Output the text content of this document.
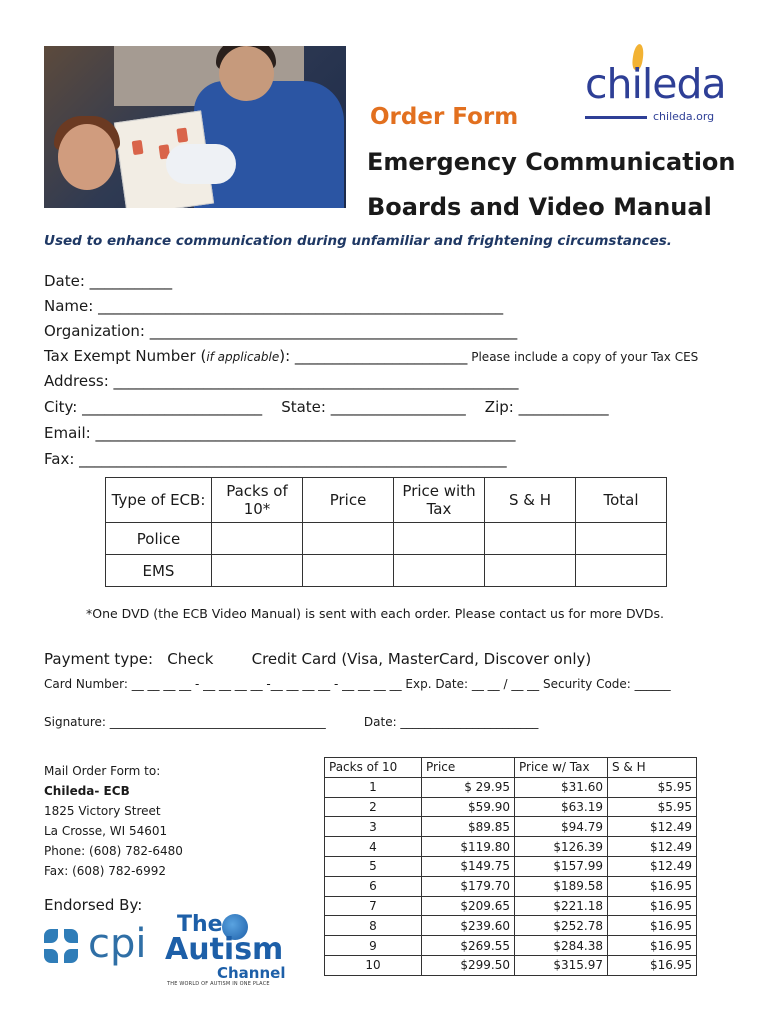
chileda
chileda.org
Order Form
Emergency Communication
Boards and Video Manual
Used to enhance communication during unfamiliar and frightening circumstances.
Date: ___________
Name: ______________________________________________________
Organization: _________________________________________________
Tax Exempt Number (if applicable): _______________________ Please include a copy of your Tax CES
Address: ______________________________________________________
City: ________________________    State: __________________    Zip: ____________
Email: ________________________________________________________
Fax: _________________________________________________________
Type of ECB:	Packs of 10*	Price	Price with Tax	S & H	Total
Police					
EMS					
*One DVD (the ECB Video Manual) is sent with each order. Please contact us for more DVDs.
Payment type:   Check        Credit Card (Visa, MasterCard, Discover only)
Card Number: __ __ __ __ - __ __ __ __ -__ __ __ __ - __ __ __ __ Exp. Date: __ __ / __ __ Security Code: ______
Signature: ____________________________________          Date: _______________________
Mail Order Form to:
Chileda- ECB
1825 Victory Street
La Crosse, WI 54601
Phone: (608) 782-6480
Fax: (608) 782-6992
Endorsed By:
cpi The
Autism
Channel
THE WORLD OF AUTISM IN ONE PLACE
Packs of 10	Price	Price w/ Tax	S & H
1	$ 29.95	$31.60	$5.95
2	$59.90	$63.19	$5.95
3	$89.85	$94.79	$12.49
4	$119.80	$126.39	$12.49
5	$149.75	$157.99	$12.49
6	$179.70	$189.58	$16.95
7	$209.65	$221.18	$16.95
8	$239.60	$252.78	$16.95
9	$269.55	$284.38	$16.95
10	$299.50	$315.97	$16.95
